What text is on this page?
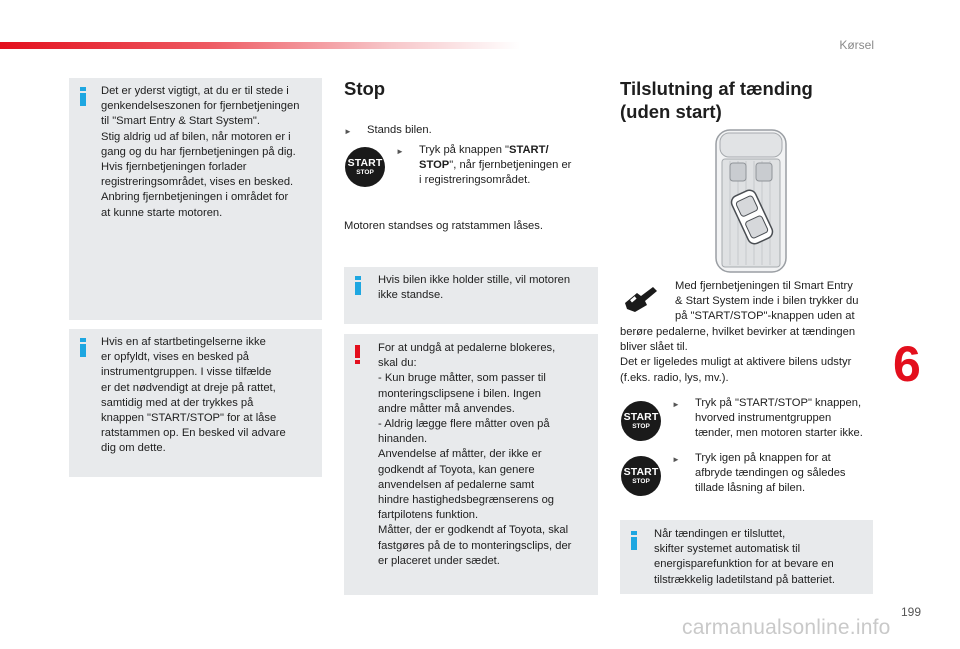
Kørsel
Det er yderst vigtigt, at du er til stede i
genkendelseszonen for fjernbetjeningen
til "Smart Entry & Start System".
Stig aldrig ud af bilen, når motoren er i
gang og du har fjernbetjeningen på dig.
Hvis fjernbetjeningen forlader
registreringsområdet, vises en besked.
Anbring fjernbetjeningen i området for
at kunne starte motoren.
Hvis en af startbetingelserne ikke
er opfyldt, vises en besked på
instrumentgruppen. I visse tilfælde
er det nødvendigt at dreje på rattet,
samtidig med at der trykkes på
knappen "START/STOP" for at låse
ratstammen op. En besked vil advare
dig om dette.
Stop
►	Stands bilen.
START
STOP
►	Tryk på knappen "START/
STOP", når fjernbetjeningen er
i registreringsområdet.
Motoren standses og ratstammen låses.
Hvis bilen ikke holder stille, vil motoren
ikke standse.
For at undgå at pedalerne blokeres,
skal du:
- Kun bruge måtter, som passer til
monteringsclipsene i bilen. Ingen
andre måtter må anvendes.
- Aldrig lægge flere måtter oven på
hinanden.
Anvendelse af måtter, der ikke er
godkendt af Toyota, kan genere
anvendelsen af pedalerne samt
hindre hastighedsbegrænserens og
fartpilotens funktion.
Måtter, der er godkendt af Toyota, skal
fastgøres på de to monteringsclips, der
er placeret under sædet.
Tilslutning af tænding
(uden start)
Med fjernbetjeningen til Smart Entry
& Start System inde i bilen trykker du
på "START/STOP"-knappen uden at
berøre pedalerne, hvilket bevirker at tændingen
bliver slået til.
Det er ligeledes muligt at aktivere bilens udstyr
(f.eks. radio, lys, mv.).
START
STOP
►	Tryk på "START/STOP" knappen,
hvorved instrumentgruppen
tænder, men motoren starter ikke.
START
STOP
►	Tryk igen på knappen for at
afbryde tændingen og således
tillade låsning af bilen.
Når tændingen er tilsluttet,
skifter systemet automatisk til
energisparefunktion for at bevare en
tilstrækkelig ladetilstand på batteriet.
6
199
carmanualsonline.info
